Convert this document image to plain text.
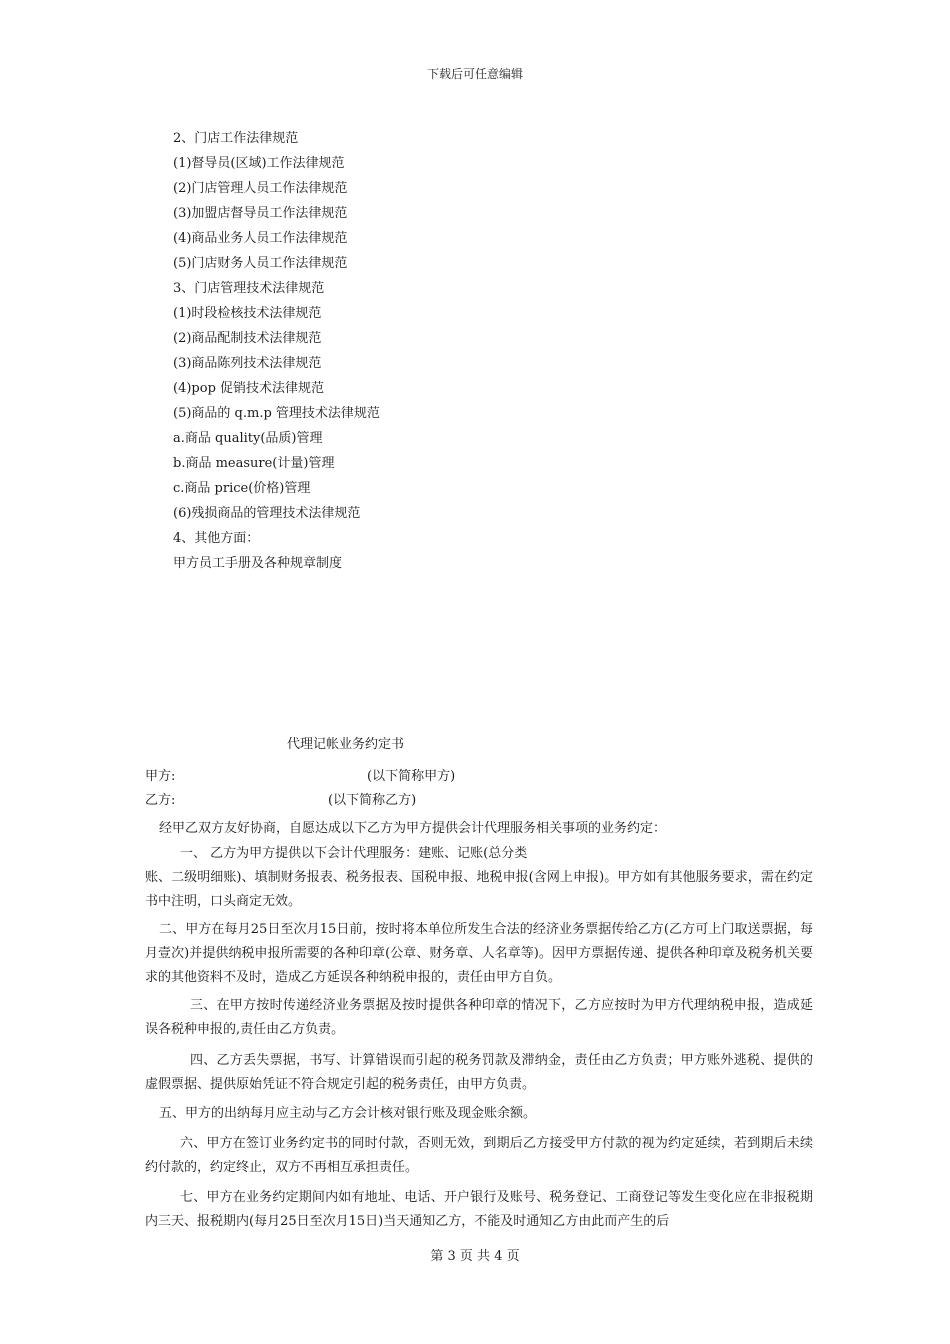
下载后可任意编辑
2、门店工作法律规范
(1)督导员(区域)工作法律规范
(2)门店管理人员工作法律规范
(3)加盟店督导员工作法律规范
(4)商品业务人员工作法律规范
(5)门店财务人员工作法律规范
3、门店管理技术法律规范
(1)时段检核技术法律规范
(2)商品配制技术法律规范
(3)商品陈列技术法律规范
(4)pop 促销技术法律规范
(5)商品的 q.m.p 管理技术法律规范
a.商品 quality(品质)管理
b.商品 measure(计量)管理
c.商品 price(价格)管理
(6)残损商品的管理技术法律规范
4、其他方面：
甲方员工手册及各种规章制度
代理记帐业务约定书
甲方:	(以下简称甲方)
乙方:	(以下简称乙方)
经甲乙双方友好协商，自愿达成以下乙方为甲方提供会计代理服务相关事项的业务约定：
一、 乙方为甲方提供以下会计代理服务：建账、记账(总分类
账、二级明细账)、填制财务报表、税务报表、国税申报、地税申报(含网上申报)。甲方如有其他服务要求，需在约定书中注明，口头商定无效。
二、甲方在每月25日至次月15日前，按时将本单位所发生合法的经济业务票据传给乙方(乙方可上门取送票据，每月壹次)并提供纳税申报所需要的各种印章(公章、财务章、人名章等)。因甲方票据传递、提供各种印章及税务机关要求的其他资料不及时，造成乙方延误各种纳税申报的，责任由甲方自负。
三、在甲方按时传递经济业务票据及按时提供各种印章的情况下，乙方应按时为甲方代理纳税申报，造成延误各税种申报的,责任由乙方负责。
四、乙方丢失票据，书写、计算错误而引起的税务罚款及滞纳金，责任由乙方负责；甲方账外逃税、提供的虚假票据、提供原始凭证不符合规定引起的税务责任，由甲方负责。
五、甲方的出纳每月应主动与乙方会计核对银行账及现金账余额。
六、甲方在签订业务约定书的同时付款，否则无效，到期后乙方接受甲方付款的视为约定延续，若到期后未续约付款的，约定终止，双方不再相互承担责任。
七、甲方在业务约定期间内如有地址、电话、开户银行及账号、税务登记、工商登记等发生变化应在非报税期内三天、报税期内(每月25日至次月15日)当天通知乙方，不能及时通知乙方由此而产生的后
第 3 页 共 4 页
